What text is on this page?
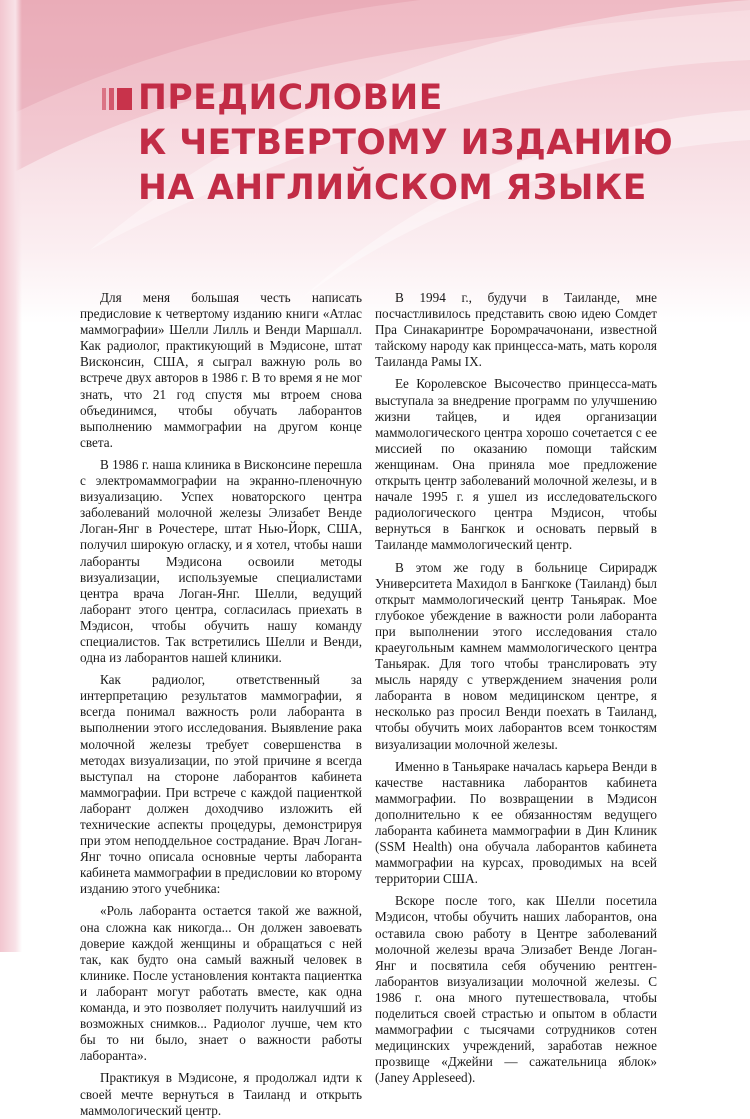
ПРЕДИСЛОВИЕ
К ЧЕТВЕРТОМУ ИЗДАНИЮ
НА АНГЛИЙСКОМ ЯЗЫКЕ

Для меня большая честь написать предисловие к четвертому изданию книги «Атлас маммографии» Шелли Лилль и Венди Маршалл. Как радиолог, практикующий в Мэдисоне, штат Висконсин, США, я сыграл важную роль во встрече двух авторов в 1986 г. В то время я не мог знать, что 21 год спустя мы втроем снова объединимся, чтобы обучать лаборантов выполнению маммографии на другом конце света.

В 1986 г. наша клиника в Висконсине перешла с электромаммографии на экранно-пленочную визуализацию. Успех новаторского центра заболеваний молочной железы Элизабет Венде Логан-Янг в Рочестере, штат Нью-Йорк, США, получил широкую огласку, и я хотел, чтобы наши лаборанты Мэдисона освоили методы визуализации, используемые специалистами центра врача Логан-Янг. Шелли, ведущий лаборант этого центра, согласилась приехать в Мэдисон, чтобы обучить нашу команду специалистов. Так встретились Шелли и Венди, одна из лаборантов нашей клиники.

Как радиолог, ответственный за интерпретацию результатов маммографии, я всегда понимал важность роли лаборанта в выполнении этого исследования. Выявление рака молочной железы требует совершенства в методах визуализации, по этой причине я всегда выступал на стороне лаборантов кабинета маммографии. При встрече с каждой пациенткой лаборант должен доходчиво изложить ей технические аспекты процедуры, демонстрируя при этом неподдельное сострадание. Врач Логан-Янг точно описала основные черты лаборанта кабинета маммографии в предисловии ко второму изданию этого учебника:

«Роль лаборанта остается такой же важной, она сложна как никогда... Он должен завоевать доверие каждой женщины и обращаться с ней так, как будто она самый важный человек в клинике. После установления контакта пациентка и лаборант могут работать вместе, как одна команда, и это позволяет получить наилучший из возможных снимков... Радиолог лучше, чем кто бы то ни было, знает о важности работы лаборанта».

Практикуя в Мэдисоне, я продолжал идти к своей мечте вернуться в Таиланд и открыть маммологический центр.

В 1994 г., будучи в Таиланде, мне посчастливилось представить свою идею Сомдет Пра Синакаринтре Боромрачачонани, известной тайскому народу как принцесса-мать, мать короля Таиланда Рамы IX.

Ее Королевское Высочество принцесса-мать выступала за внедрение программ по улучшению жизни тайцев, и идея организации маммологического центра хорошо сочетается с ее миссией по оказанию помощи тайским женщинам. Она приняла мое предложение открыть центр заболеваний молочной железы, и в начале 1995 г. я ушел из исследовательского радиологического центра Мэдисон, чтобы вернуться в Бангкок и основать первый в Таиланде маммологический центр.

В этом же году в больнице Сирирадж Университета Махидол в Бангкоке (Таиланд) был открыт маммологический центр Таньярак. Мое глубокое убеждение в важности роли лаборанта при выполнении этого исследования стало краеугольным камнем маммологического центра Таньярак. Для того чтобы транслировать эту мысль наряду с утверждением значения роли лаборанта в новом медицинском центре, я несколько раз просил Венди поехать в Таиланд, чтобы обучить моих лаборантов всем тонкостям визуализации молочной железы.

Именно в Таньяраке началась карьера Венди в качестве наставника лаборантов кабинета маммографии. По возвращении в Мэдисон дополнительно к ее обязанностям ведущего лаборанта кабинета маммографии в Дин Клиник (SSM Health) она обучала лаборантов кабинета маммографии на курсах, проводимых на всей территории США.

Вскоре после того, как Шелли посетила Мэдисон, чтобы обучить наших лаборантов, она оставила свою работу в Центре заболеваний молочной железы врача Элизабет Венде Логан-Янг и посвятила себя обучению рентген-лаборантов визуализации молочной железы. С 1986 г. она много путешествовала, чтобы поделиться своей страстью и опытом в области маммографии с тысячами сотрудников сотен медицинских учреждений, заработав нежное прозвище «Джейни — сажательница яблок» (Janey Appleseed).
